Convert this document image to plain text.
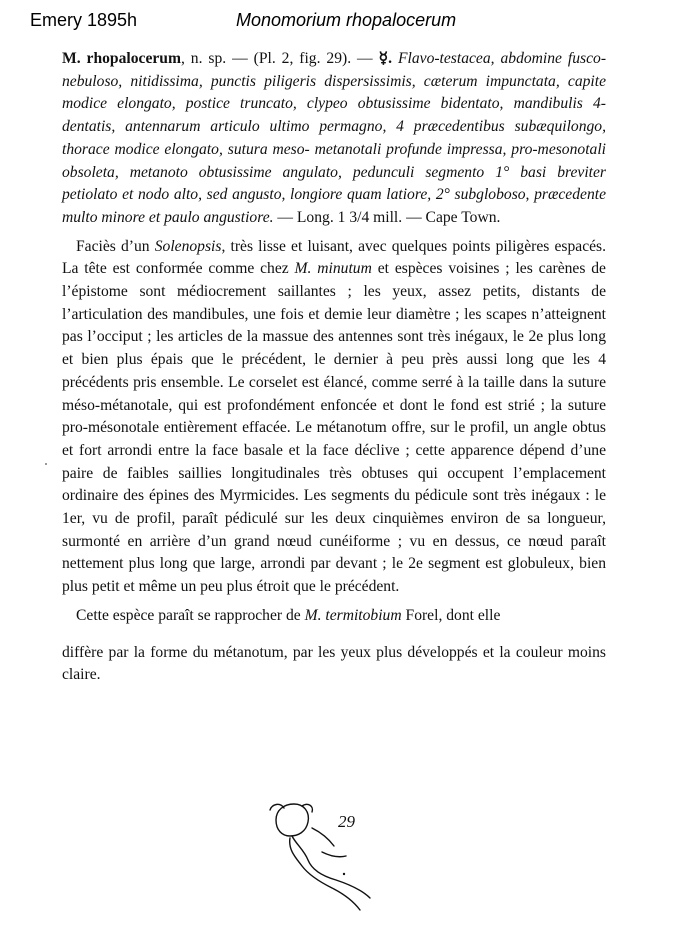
Emery 1895h	Monomorium rhopalocerum

M. rhopalocerum, n. sp. — (Pl. 2, fig. 29). — ☿. Flavo-testacea, abdomine fusco-nebuloso, nitidissima, punctis piligeris dispersissimis, cæterum impunctata, capite modice elongato, postice truncato, clypeo obtusissime bidentato, mandibulis 4-dentatis, antennarum articulo ultimo permagno, 4 præcedentibus subæquilongo, thorace modice elongato, sutura meso- metanotali profunde impressa, pro-mesonotali obsoleta, metanoto obtusissime angulato, pedunculi segmento 1° basi breviter petiolato et nodo alto, sed angusto, longiore quam latiore, 2° subgloboso, præcedente multo minore et paulo angustiore. — Long. 1 3/4 mill. — Cape Town.

Faciès d’un Solenopsis, très lisse et luisant, avec quelques points piligères espacés. La tête est conformée comme chez M. minutum et espèces voisines ; les carènes de l’épistome sont médiocrement saillantes ; les yeux, assez petits, distants de l’articulation des mandibules, une fois et demie leur diamètre ; les scapes n’atteignent pas l’occiput ; les articles de la massue des antennes sont très inégaux, le 2e plus long et bien plus épais que le précédent, le dernier à peu près aussi long que les 4 précédents pris ensemble. Le corselet est élancé, comme serré à la taille dans la suture méso-métanotale, qui est profondément enfoncée et dont le fond est strié ; la suture pro-mésonotale entièrement effacée. Le métanotum offre, sur le profil, un angle obtus et fort arrondi entre la face basale et la face déclive ; cette apparence dépend d’une paire de faibles saillies longitudinales très obtuses qui occupent l’emplacement ordinaire des épines des Myrmicides. Les segments du pédicule sont très inégaux : le 1er, vu de profil, paraît pédiculé sur les deux cinquièmes environ de sa longueur, surmonté en arrière d’un grand nœud cunéiforme ; vu en dessus, ce nœud paraît nettement plus long que large, arrondi par devant ; le 2e segment est globuleux, bien plus petit et même un peu plus étroit que le précédent.

Cette espèce paraît se rapprocher de M. termitobium Forel, dont elle

diffère par la forme du métanotum, par les yeux plus développés et la couleur moins claire.

29
